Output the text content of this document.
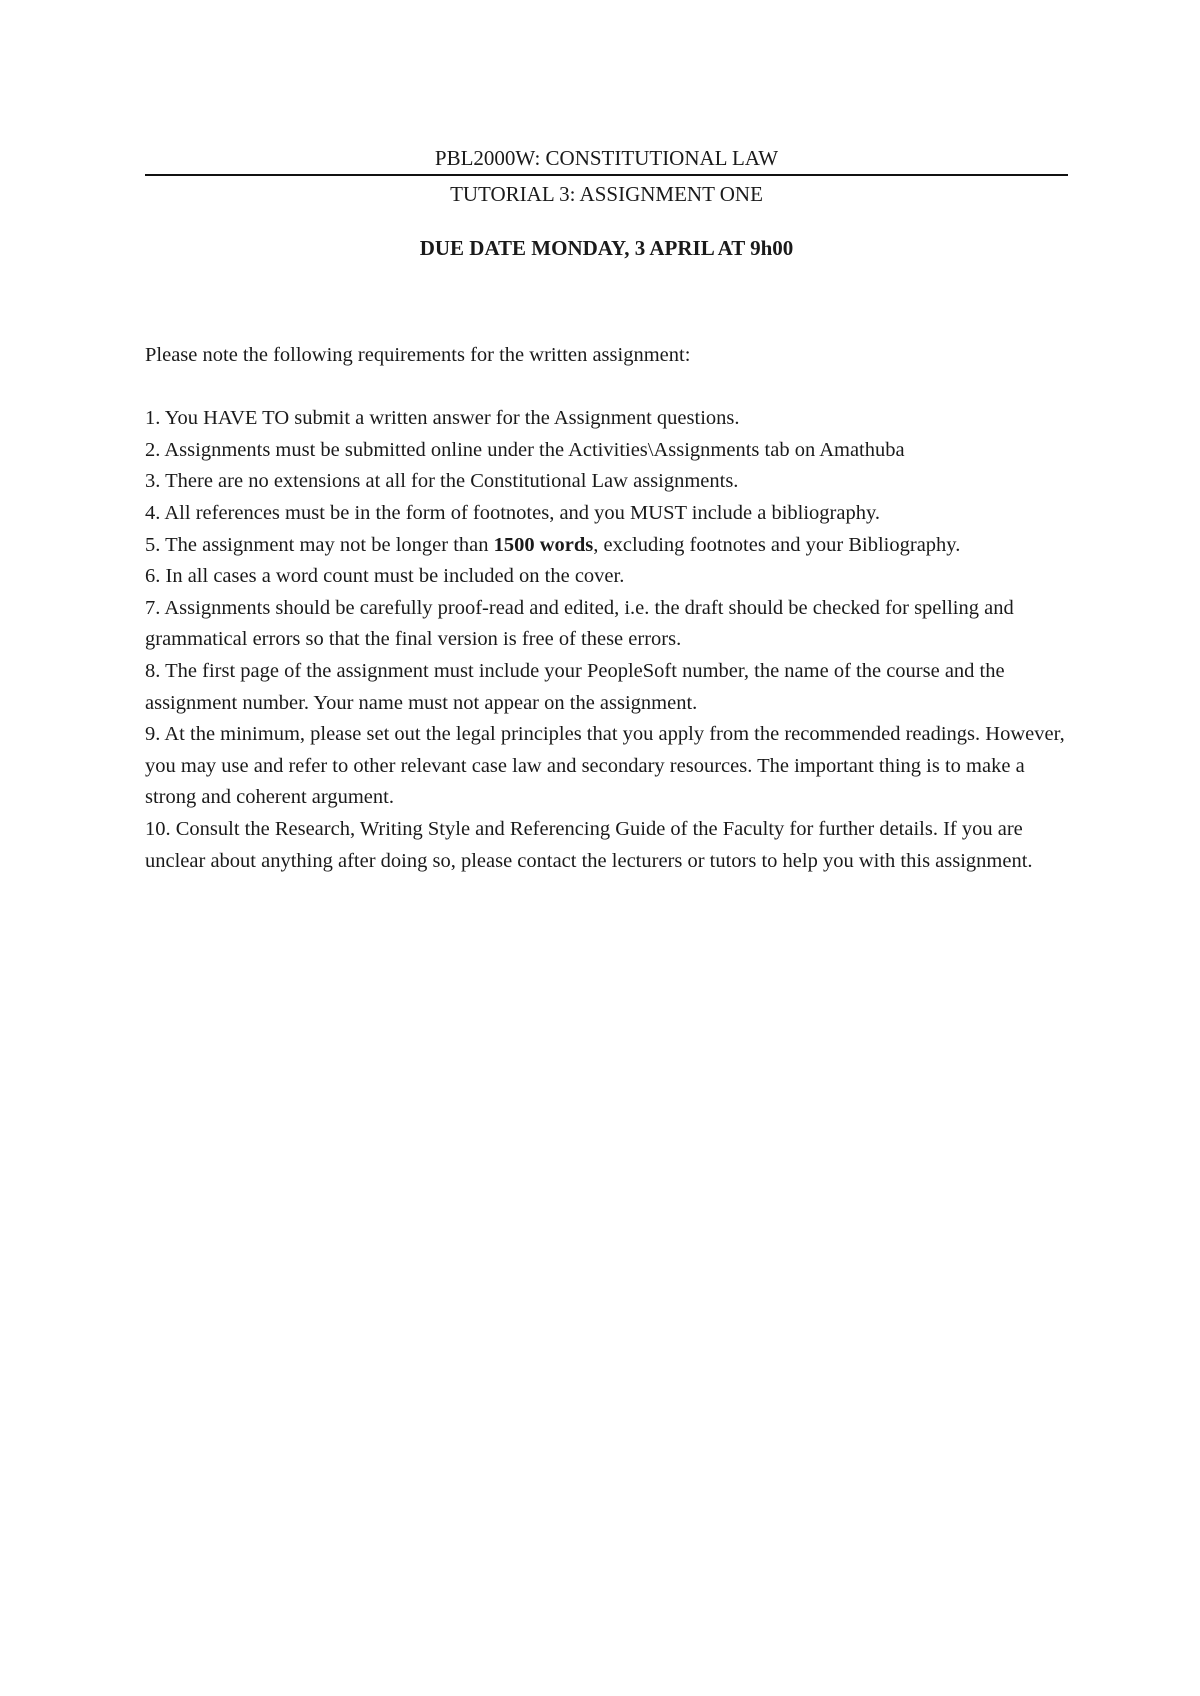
PBL2000W: CONSTITUTIONAL LAW

TUTORIAL 3: ASSIGNMENT ONE

DUE DATE MONDAY, 3 APRIL AT 9h00

Please note the following requirements for the written assignment:

1. You HAVE TO submit a written answer for the Assignment questions.
2. Assignments must be submitted online under the Activities\Assignments tab on Amathuba
3. There are no extensions at all for the Constitutional Law assignments.
4. All references must be in the form of footnotes, and you MUST include a bibliography.
5. The assignment may not be longer than 1500 words, excluding footnotes and your Bibliography.
6. In all cases a word count must be included on the cover.
7. Assignments should be carefully proof-read and edited, i.e. the draft should be checked for spelling and grammatical errors so that the final version is free of these errors.
8. The first page of the assignment must include your PeopleSoft number, the name of the course and the assignment number. Your name must not appear on the assignment.
9. At the minimum, please set out the legal principles that you apply from the recommended readings. However, you may use and refer to other relevant case law and secondary resources. The important thing is to make a strong and coherent argument.
10. Consult the Research, Writing Style and Referencing Guide of the Faculty for further details. If you are unclear about anything after doing so, please contact the lecturers or tutors to help you with this assignment.
